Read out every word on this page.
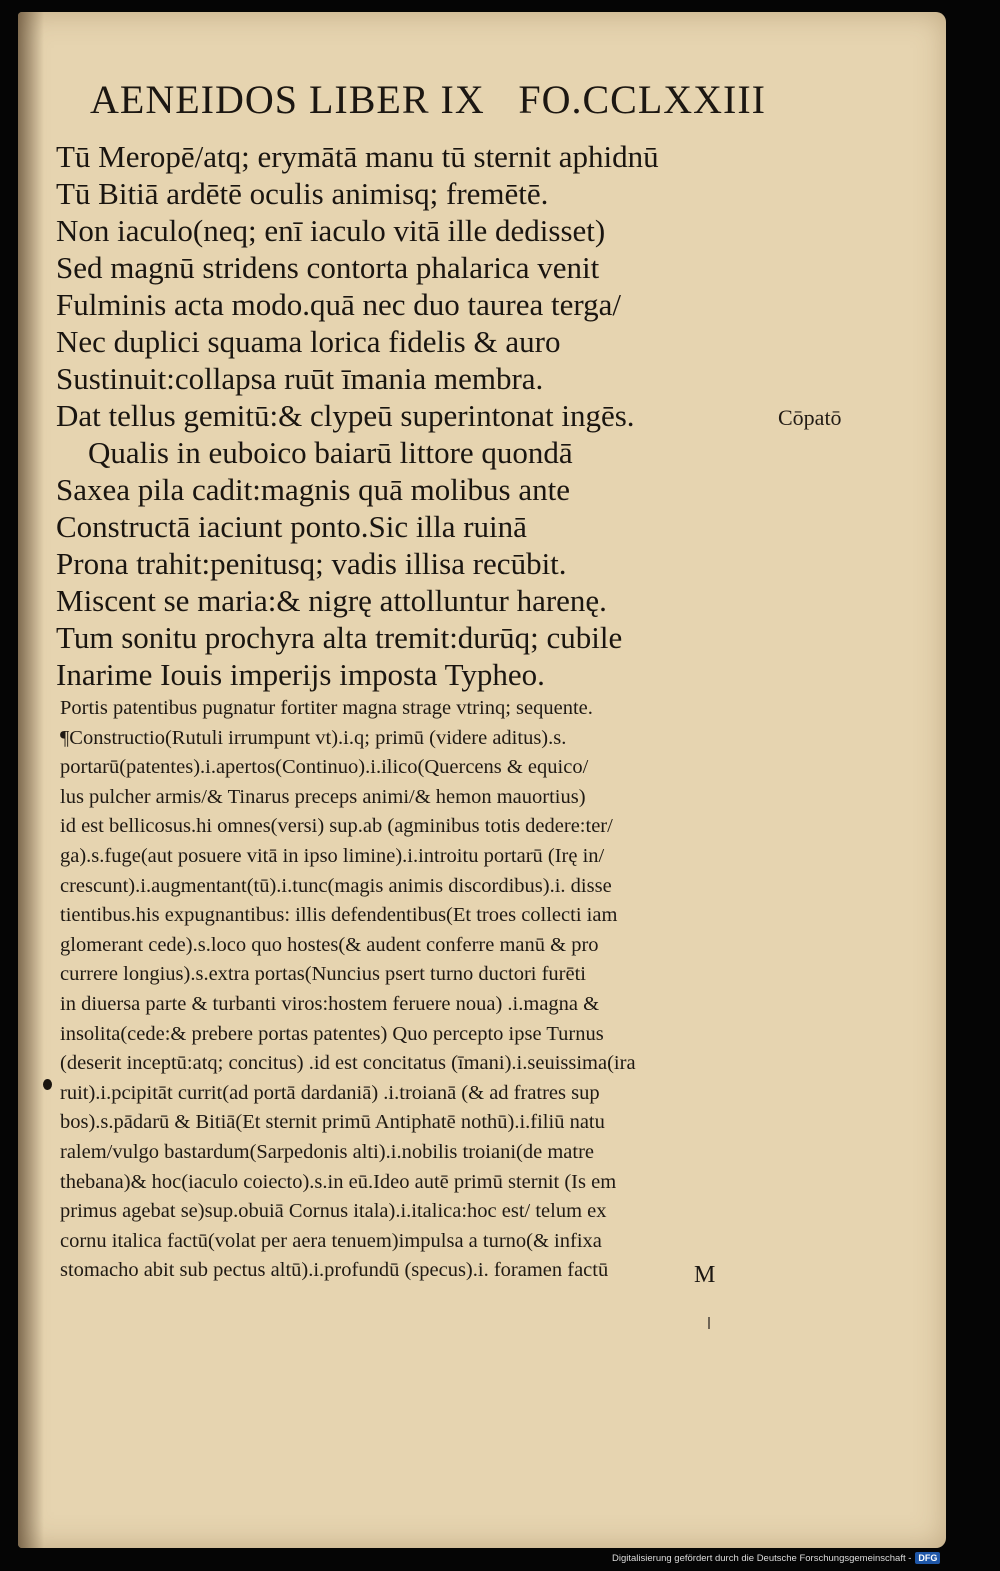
AENEIDOS LIBER IX FO.CCLXXIII
Tū Meropē/atq; erymātā manu tū sternit aphidnū
Tū Bitiā ardētē oculis animisq; fremētē.
Non iaculo(neq; enī iaculo vitā ille dedisset)
Sed magnū stridens contorta phalarica venit
Fulminis acta modo.quā nec duo taurea terga/
Nec duplici squama lorica fidelis & auro
Sustinuit:collapsa ruūt īmania membra.
Dat tellus gemitū:& clypeū superintonat ingēs.
Qualis in euboico baiarū littore quondā
Saxea pila cadit:magnis quā molibus ante
Constructā iaciunt ponto.Sic illa ruinā
Prona trahit:penitusq; vadis illisa recūbit.
Miscent se maria:& nigrę attolluntur harenę.
Tum sonitu prochyra alta tremit:durūq; cubile
Inarime Iouis imperijs imposta Typheo.
Cōpatō
Portis patentibus pugnatur fortiter magna strage vtrinq; sequente.
¶Constructio(Rutuli irrumpunt vt).i.q; primū (videre aditus).s.
portarū(patentes).i.apertos(Continuo).i.ilico(Quercens & equico/
lus pulcher armis/& Tinarus preceps animi/& hemon mauortius)
id est bellicosus.hi omnes(versi) sup.ab (agminibus totis dedere:ter/
ga).s.fuge(aut posuere vitā in ipso limine).i.introitu portarū (Irę in/
crescunt).i.augmentant(tū).i.tunc(magis animis discordibus).i. disse
tientibus.his expugnantibus: illis defendentibus(Et troes collecti iam
glomerant cede).s.loco quo hostes(& audent conferre manū & pro
currere longius).s.extra portas(Nuncius psert turno ductori furēti
in diuersa parte & turbanti viros:hostem feruere noua) .i.magna &
insolita(cede:& prebere portas patentes) Quo percepto ipse Turnus
(deserit inceptū:atq; concitus) .id est concitatus (īmani).i.seuissima(ira
ruit).i.pcipitāt currit(ad portā dardaniā) .i.troianā (& ad fratres sup
bos).s.pādarū & Bitiā(Et sternit primū Antiphatē nothū).i.filiū natu
ralem/vulgo bastardum(Sarpedonis alti).i.nobilis troiani(de matre
thebana)& hoc(iaculo coiecto).s.in eū.Ideo autē primū sternit (Is em
primus agebat se)sup.obuiā Cornus itala).i.italica:hoc est/ telum ex
cornu italica factū(volat per aera tenuem)impulsa a turno(& infixa
stomacho abit sub pectus altū).i.profundū (specus).i. foramen factū	M
Digitalisierung gefördert durch die Deutsche Forschungsgemeinschaft - DFG
